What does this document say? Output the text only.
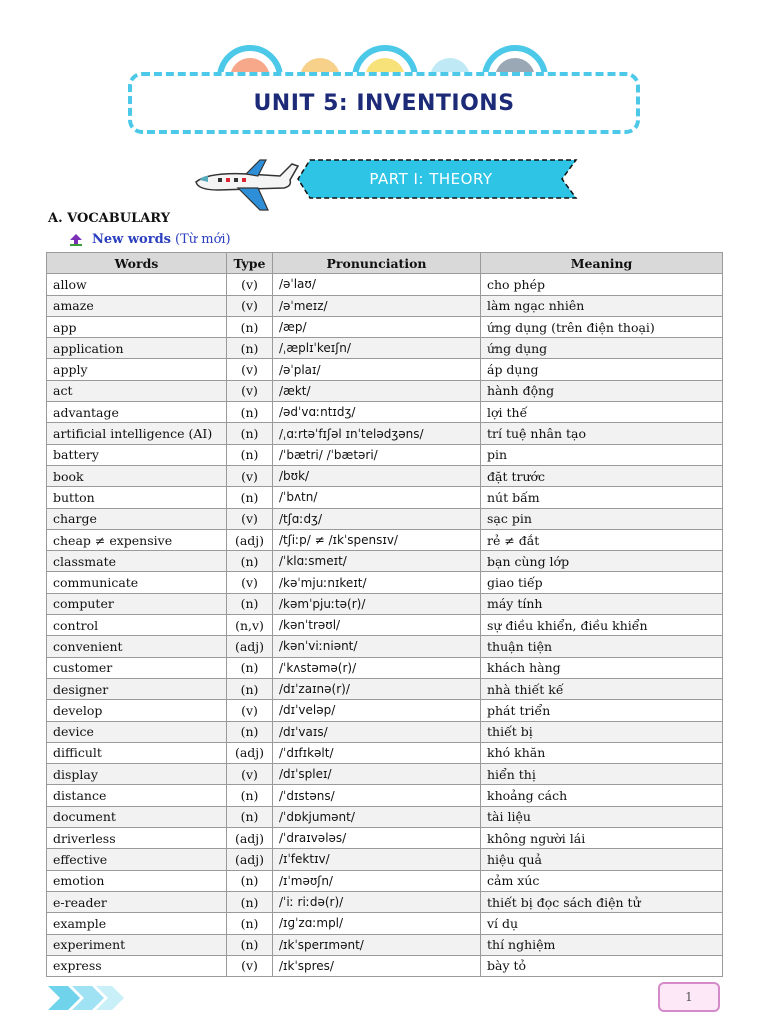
UNIT 5: INVENTIONS
PART I: THEORY
A. VOCABULARY
New words (Từ mới)
Words	Type	Pronunciation	Meaning
allow	(v)	/əˈlaʊ/	cho phép
amaze	(v)	/əˈmeɪz/	làm ngạc nhiên
app	(n)	/æp/	ứng dụng (trên điện thoại)
application	(n)	/ˌæplɪˈkeɪʃn/	ứng dụng
apply	(v)	/əˈplaɪ/	áp dụng
act	(v)	/ækt/	hành động
advantage	(n)	/ədˈvɑːntɪdʒ/	lợi thế
artificial intelligence (AI)	(n)	/ˌɑːrtəˈfɪʃəl ɪnˈtelədʒəns/	trí tuệ nhân tạo
battery	(n)	/ˈbætri/ /ˈbætəri/	pin
book	(v)	/bʊk/	đặt trước
button	(n)	/ˈbʌtn/	nút bấm
charge	(v)	/tʃɑːdʒ/	sạc pin
cheap ≠ expensive	(adj)	/tʃiːp/ ≠ /ɪkˈspensɪv/	rẻ ≠ đắt
classmate	(n)	/ˈklɑːsmeɪt/	bạn cùng lớp
communicate	(v)	/kəˈmjuːnɪkeɪt/	giao tiếp
computer	(n)	/kəmˈpjuːtə(r)/	máy tính
control	(n,v)	/kənˈtrəʊl/	sự điều khiển, điều khiển
convenient	(adj)	/kənˈviːniənt/	thuận tiện
customer	(n)	/ˈkʌstəmə(r)/	khách hàng
designer	(n)	/dɪˈzaɪnə(r)/	nhà thiết kế
develop	(v)	/dɪˈveləp/	phát triển
device	(n)	/dɪˈvaɪs/	thiết bị
difficult	(adj)	/ˈdɪfɪkəlt/	khó khăn
display	(v)	/dɪˈspleɪ/	hiển thị
distance	(n)	/ˈdɪstəns/	khoảng cách
document	(n)	/ˈdɒkjumənt/	tài liệu
driverless	(adj)	/ˈdraɪvələs/	không người lái
effective	(adj)	/ɪˈfektɪv/	hiệu quả
emotion	(n)	/ɪˈməʊʃn/	cảm xúc
e-reader	(n)	/ˈiː riːdə(r)/	thiết bị đọc sách điện tử
example	(n)	/ɪɡˈzɑːmpl/	ví dụ
experiment	(n)	/ɪkˈsperɪmənt/	thí nghiệm
express	(v)	/ɪkˈspres/	bày tỏ
1
